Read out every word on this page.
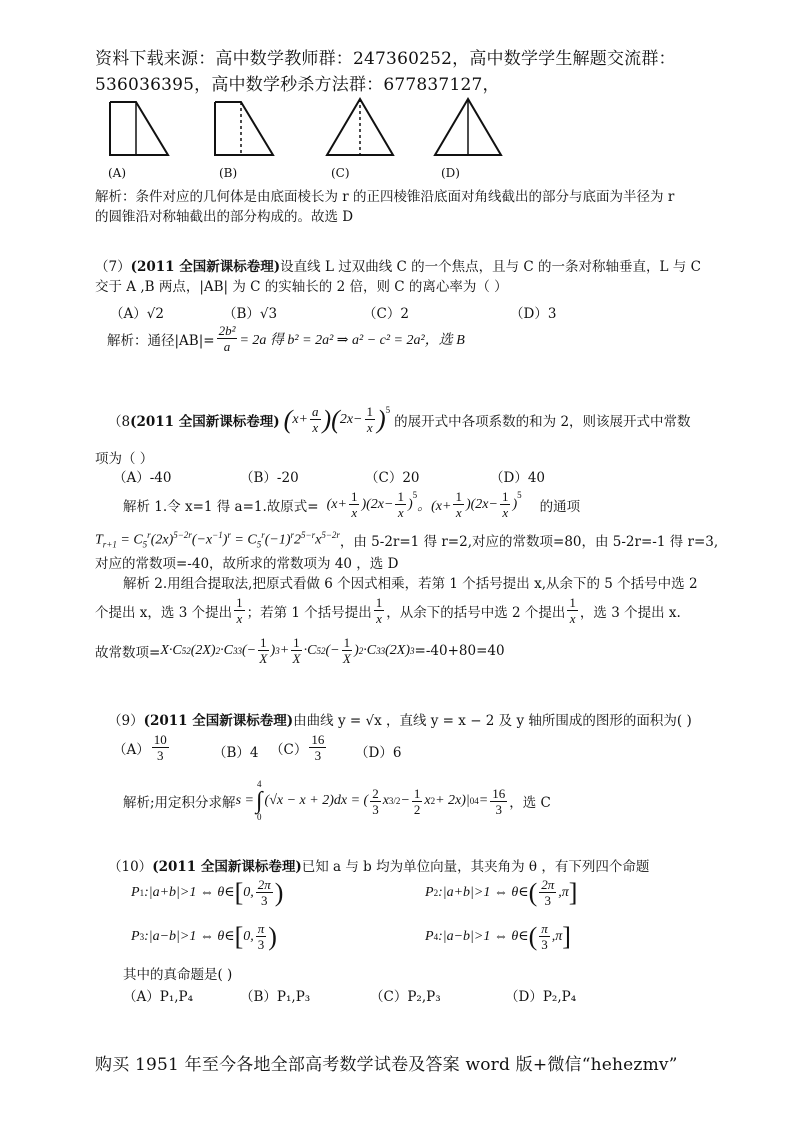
资料下载来源：高中数学教师群：247360252，高中数学学生解题交流群：
536036395，高中数学秒杀方法群：677837127，
(A)	(B)	(C)	(D)
解析：条件对应的几何体是由底面棱长为 r 的正四棱锥沿底面对角线截出的部分与底面为半径为 r
的圆锥沿对称轴截出的部分构成的。故选 D
（7）(2011 全国新课标卷理)设直线 L 过双曲线 C 的一个焦点，且与 C 的一条对称轴垂直，L 与 C
交于 A ,B 两点，|AB| 为 C 的实轴长的 2 倍，则 C 的离心率为（ ）
（A）√2	（B）√3	（C）2	（D）3
解析：通径$|AB|= \frac{\text{2b²}}{a} = 2a$ 得 b² = 2a² ⇒ a² − c² = 2a²，选 B
（8 (2011 全国新课标卷理) ( $x+ \frac{a}{x}$ )( $2x- \frac{1}{x} )^5$
的展开式中各项系数的和为 2，则该展开式中常数
项为（ ）
（A）-40	（B）-20	（C）20	（D）40
解析 1.令 x=1 得 a=1.故原式= $(x+ \frac{1}{x} )(2x- \frac{1}{x}$ )
$^5$
。$(x+ \frac{1}{x} )(2x- \frac{1}{x}$ )
$^5$
的通项
$T_{r+1} = C_5^r(2x)^{5-2r}(-x^{-1})^r = C_5^r(-1)^r2^{5-r}x^{5-2r}$ ，由 5-2r=1 得 r=2,对应的常数项=80，由 5-2r=-1 得 r=3,
对应的常数项=-40，故所求的常数项为 40 ，选 D
解析 2.用组合提取法,把原式看做 6 个因式相乘，若第 1 个括号提出 x,从余下的 5 个括号中选 2
个提出 x，选 3 个提出 $\frac{1}{x}$ ；若第 1 个括号提出 $\frac{1}{x}$ ，从余下的括号中选 2 个提出 $\frac{1}{x}$ ，选 3 个提出 x.
故常数项= X·C 5 2 (2X) 2 ·C 3 3 (− $\frac{1}{X}$ ) $3 + \frac{1}{X} \cdot C$ 5 2 (− $\frac{1}{X}$ ) 2 ·C 3 3 (2X) 3 =-40+80=40
（9）(2011 全国新课标卷理)由曲线 y = √x ，直线 y = x − 2 及 y 轴所围成的图形的面积为( )
$(A) \frac{10}{3}$	（B）4 $(C) \frac{16}{3} (D)6$
解析;用定积分求解 s =
4
∫
0
(√x − x + 2)dx = ( $\frac{2}{3}$ x $3/2 - \frac{1}{2}$ x 2 + 2x)| 0 $4 = \frac{16}{3}$ ，选 C
（10）(2011 全国新课标卷理)已知 a 与 b 均为单位向量，其夹角为 θ ，有下列四个命题
P 1 :|a+b|>1 ⇔ θ∈ [ 0, $\frac{2\pi}{3}$ )	P 2 :|a+b|>1 ⇔ θ∈ ( $\frac{2\pi}{3} ,\pi$ ]
P 3 :|a−b|>1 ⇔ θ∈ [ 0, $\frac{\pi}{3}$ )	P 4 :|a−b|>1 ⇔ θ∈ ( $\frac{\pi}{3} ,\pi$ ]
其中的真命题是( )
（A）P₁,P₄	（B）P₁,P₃	（C）P₂,P₃	（D）P₂,P₄
购买 1951 年至今各地全部高考数学试卷及答案 word 版+微信“hehezmv”
